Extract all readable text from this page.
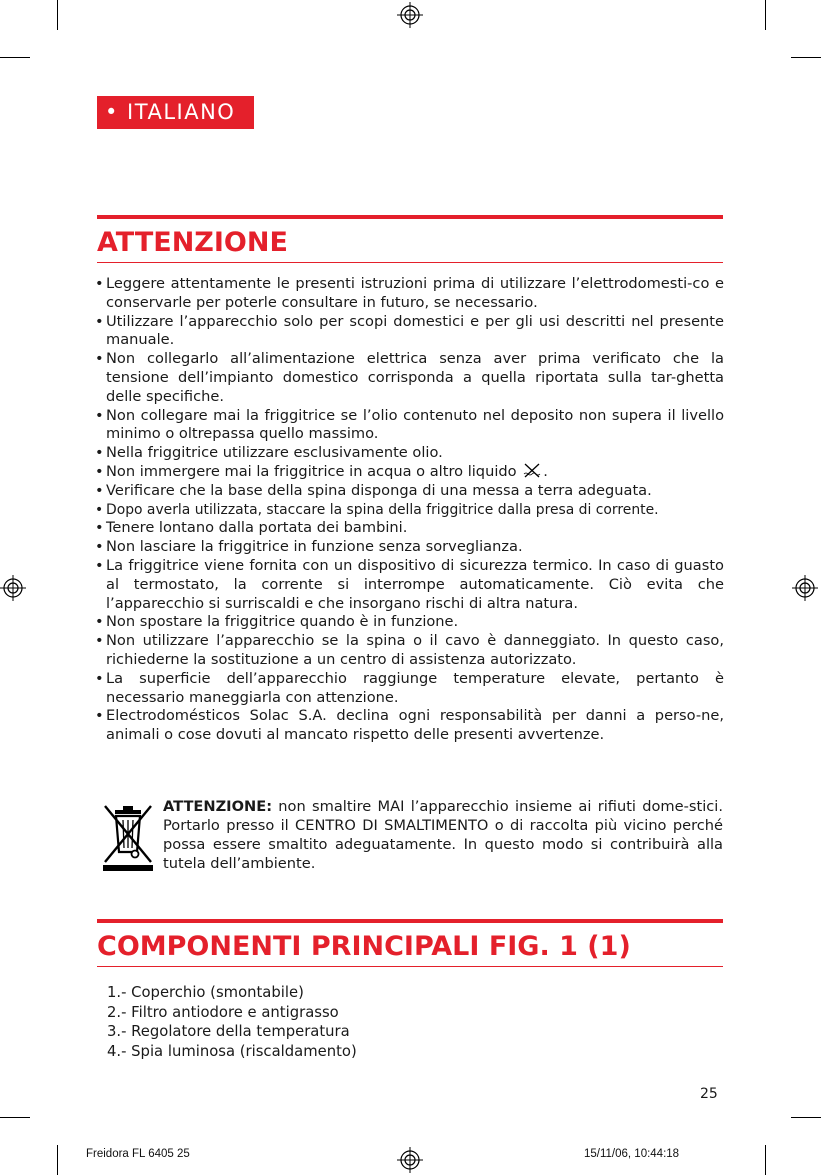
• ITALIANO
ATTENZIONE
• Leggere attentamente le presenti istruzioni prima di utilizzare l’elettrodomesti-co e conservarle per poterle consultare in futuro, se necessario.
• Utilizzare l’apparecchio solo per scopi domestici e per gli usi descritti nel presente manuale.
• Non collegarlo all’alimentazione elettrica senza aver prima verificato che la tensione dell’impianto domestico corrisponda a quella riportata sulla tar-ghetta delle specifiche.
• Non collegare mai la friggitrice se l’olio contenuto nel deposito non supera il livello minimo o oltrepassa quello massimo.
• Nella friggitrice utilizzare esclusivamente olio.
• Non immergere mai la friggitrice in acqua o altro liquido .
• Verificare che la base della spina disponga di una messa a terra adeguata.
• Dopo averla utilizzata, staccare la spina della friggitrice dalla presa di corrente.
• Tenere lontano dalla portata dei bambini.
• Non lasciare la friggitrice in funzione senza sorveglianza.
• La friggitrice viene fornita con un dispositivo di sicurezza termico. In caso di guasto al termostato, la corrente si interrompe automaticamente. Ciò evita che l’apparecchio si surriscaldi e che insorgano rischi di altra natura.
• Non spostare la friggitrice quando è in funzione.
• Non utilizzare l’apparecchio se la spina o il cavo è danneggiato. In questo caso, richiederne la sostituzione a un centro di assistenza autorizzato.
• La superficie dell’apparecchio raggiunge temperature elevate, pertanto è necessario maneggiarla con attenzione.
• Electrodomésticos Solac S.A. declina ogni responsabilità per danni a perso-ne, animali o cose dovuti al mancato rispetto delle presenti avvertenze.

ATTENZIONE: non smaltire MAI l’apparecchio insieme ai rifiuti dome-stici. Portarlo presso il CENTRO DI SMALTIMENTO o di raccolta più vicino perché possa essere smaltito adeguatamente. In questo modo si contribuirà alla tutela dell’ambiente.

COMPONENTI PRINCIPALI FIG. 1 (1)
1.- Coperchio (smontabile)
2.- Filtro antiodore e antigrasso
3.- Regolatore della temperatura
4.- Spia luminosa (riscaldamento)
25
Freidora FL 6405 25	15/11/06, 10:44:18
